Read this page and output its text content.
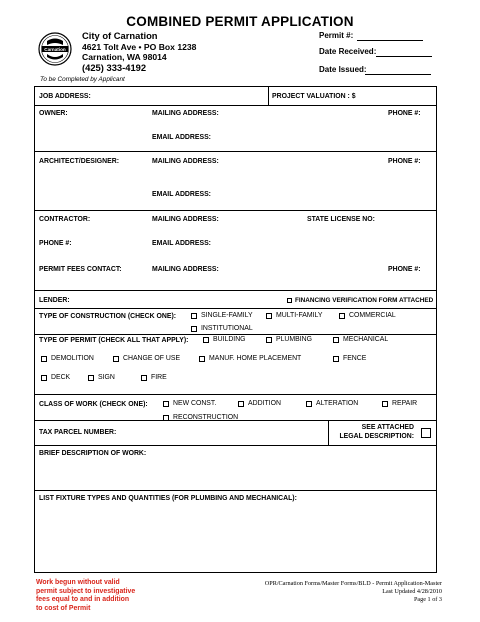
COMBINED PERMIT APPLICATION
Carnation
City of Carnation
4621 Tolt Ave • PO Box 1238
Carnation, WA 98014
(425) 333-4192
Permit #:
Date Received:
Date Issued:
To be Completed by Applicant
JOB ADDRESS:	PROJECT VALUATION : $
OWNER:	MAILING ADDRESS:	PHONE #:
EMAIL ADDRESS:
ARCHITECT/DESIGNER:	MAILING ADDRESS:	PHONE #:
EMAIL ADDRESS:
CONTRACTOR:	MAILING ADDRESS:	STATE LICENSE NO:
PHONE #:	EMAIL ADDRESS:
PERMIT FEES CONTACT:	MAILING ADDRESS:	PHONE #:
LENDER:	FINANCING VERIFICATION FORM ATTACHED
TYPE OF CONSTRUCTION (CHECK ONE):	SINGLE-FAMILY	MULTI-FAMILY	COMMERCIAL
INSTITUTIONAL
TYPE OF PERMIT (CHECK ALL THAT APPLY):	BUILDING	PLUMBING	MECHANICAL
DEMOLITION	CHANGE OF USE	MANUF. HOME PLACEMENT	FENCE
DECK	SIGN	FIRE
CLASS OF WORK (CHECK ONE):	NEW CONST.	ADDITION	ALTERATION	REPAIR
RECONSTRUCTION
TAX PARCEL NUMBER:
SEE ATTACHED
LEGAL DESCRIPTION:
BRIEF DESCRIPTION OF WORK:
LIST FIXTURE TYPES AND QUANTITIES (FOR PLUMBING AND MECHANICAL):
Work begun without valid
permit subject to investigative
fees equal to and in addition
to cost of Permit
OPR/Carnation Forms/Master Forms/BLD - Permit Application-Master
Last Updated 4/28/2010
Page 1 of 3
